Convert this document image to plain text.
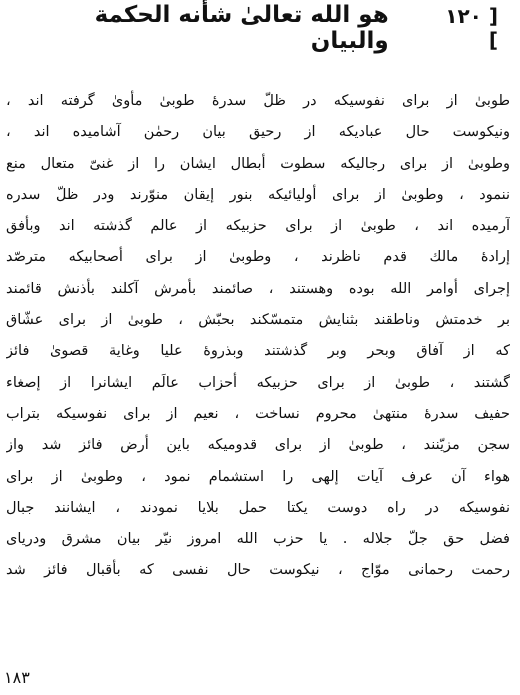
[ ١٢٠ ]
هو الله تعالیٰ شأنه الحكمة والبيان
طوبیٰ از برای نفوسیكه در ظلّ سدرهٔ طوبیٰ مأویٰ گرفته اند ،
ونیكوست حال عبادیكه از رحیق بیان رحمٰن آشامیده اند ،
وطوبیٰ از برای رجالیكه سطوت أبطال ایشان را از غنیّ متعال منع
ننمود ، وطوبیٰ از برای أولیائیكه بنور إیقان منوّرند ودر ظلّ سدره
آرمیده اند ، طوبیٰ از برای حزبیكه از عالم گذشته اند وبأفق
إرادهٔ مالك قدم ناظرند ، وطوبیٰ از برای أصحابیكه مترصّد
إجرای أوامر الله بوده وهستند ، صائمند بأمرش آكلند بأذنش قائمند
بر خدمتش وناطقند بثنایش متمسّكند بحبّش ، طوبیٰ از برای عشّاق
كه از آفاق وبحر وبر گذشتند وبذروهٔ علیا وغایة قصویٰ فائز
گشتند ، طوبیٰ از برای حزبیكه أحزاب عالَم ایشانرا از إصغاء
حفیف سدرهٔ منتهیٰ محروم نساخت ، نعیم از برای نفوسیكه بتراب
سجن مزیّنند ، طوبیٰ از برای قدومیكه باین أرض فائز شد واز
هواء آن عرف آیات إلهی را استشمام نمود ، وطوبیٰ از برای
نفوسیكه در راه دوست یكتا حمل بلایا نمودند ، ایشانند جبال
فضل حق جلّ جلاله . یا حزب الله امروز نیّر بیان مشرق ودریای
رحمت رحمانی موّاج ، نیكوست حال نفسی كه بأقبال فائز شد
١٨٣
